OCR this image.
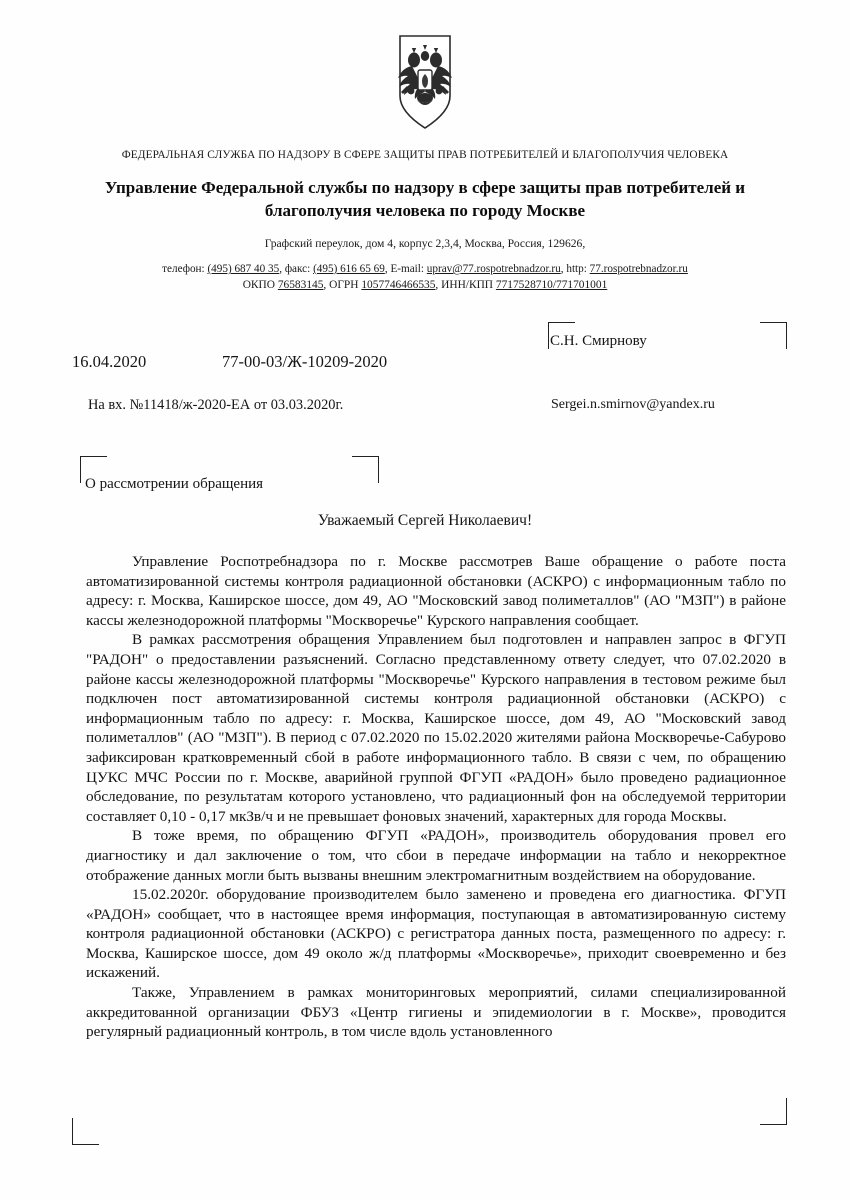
ФЕДЕРАЛЬНАЯ СЛУЖБА ПО НАДЗОРУ В СФЕРЕ ЗАЩИТЫ ПРАВ ПОТРЕБИТЕЛЕЙ И БЛАГОПОЛУЧИЯ ЧЕЛОВЕКА
Управление Федеральной службы по надзору в сфере защиты прав потребителей и благополучия человека по городу Москве
Графский переулок, дом 4, корпус 2,3,4, Москва, Россия, 129626,
телефон: (495) 687 40 35, факс: (495) 616 65 69, E-mail: uprav@77.rospotrebnadzor.ru, http: 77.rospotrebnadzor.ru
ОКПО 76583145, ОГРН 1057746466535, ИНН/КПП 7717528710/771701001
С.Н. Смирнову
Sergei.n.smirnov@yandex.ru
16.04.2020	77-00-03/Ж-10209-2020
На вх. №11418/ж-2020-ЕА от 03.03.2020г.
О рассмотрении обращения
Уважаемый Сергей Николаевич!

Управление Роспотребнадзора по г. Москве рассмотрев Ваше обращение о работе поста автоматизированной системы контроля радиационной обстановки (АСКРО) с информационным табло по адресу: г. Москва, Каширское шоссе, дом 49, АО "Московский завод полиметаллов" (АО "МЗП") в районе кассы железнодорожной платформы "Москворечье" Курского направления сообщает.

В рамках рассмотрения обращения Управлением был подготовлен и направлен запрос в ФГУП "РАДОН" о предоставлении разъяснений. Согласно представленному ответу следует, что 07.02.2020 в районе кассы железнодорожной платформы "Москворечье" Курского направления в тестовом режиме был подключен пост автоматизированной системы контроля радиационной обстановки (АСКРО) с информационным табло по адресу: г. Москва, Каширское шоссе, дом 49, АО "Московский завод полиметаллов" (АО "МЗП"). В период с 07.02.2020 по 15.02.2020 жителями района Москворечье-Сабурово зафиксирован кратковременный сбой в работе информационного табло. В связи с чем, по обращению ЦУКС МЧС России по г. Москве, аварийной группой ФГУП «РАДОН» было проведено радиационное обследование, по результатам которого установлено, что радиационный фон на обследуемой территории составляет 0,10 - 0,17 мкЗв/ч и не превышает фоновых значений, характерных для города Москвы.

В тоже время, по обращению ФГУП «РАДОН», производитель оборудования провел его диагностику и дал заключение о том, что сбои в передаче информации на табло и некорректное отображение данных могли быть вызваны внешним электромагнитным воздействием на оборудование.

15.02.2020г. оборудование производителем было заменено и проведена его диагностика. ФГУП «РАДОН» сообщает, что в настоящее время информация, поступающая в автоматизированную систему контроля радиационной обстановки (АСКРО) с регистратора данных поста, размещенного по адресу: г. Москва, Каширское шоссе, дом 49 около ж/д платформы «Москворечье», приходит своевременно и без искажений.

Также, Управлением в рамках мониторинговых мероприятий, силами специализированной аккредитованной организации ФБУЗ «Центр гигиены и эпидемиологии в г. Москве», проводится регулярный радиационный контроль, в том числе вдоль установленного
